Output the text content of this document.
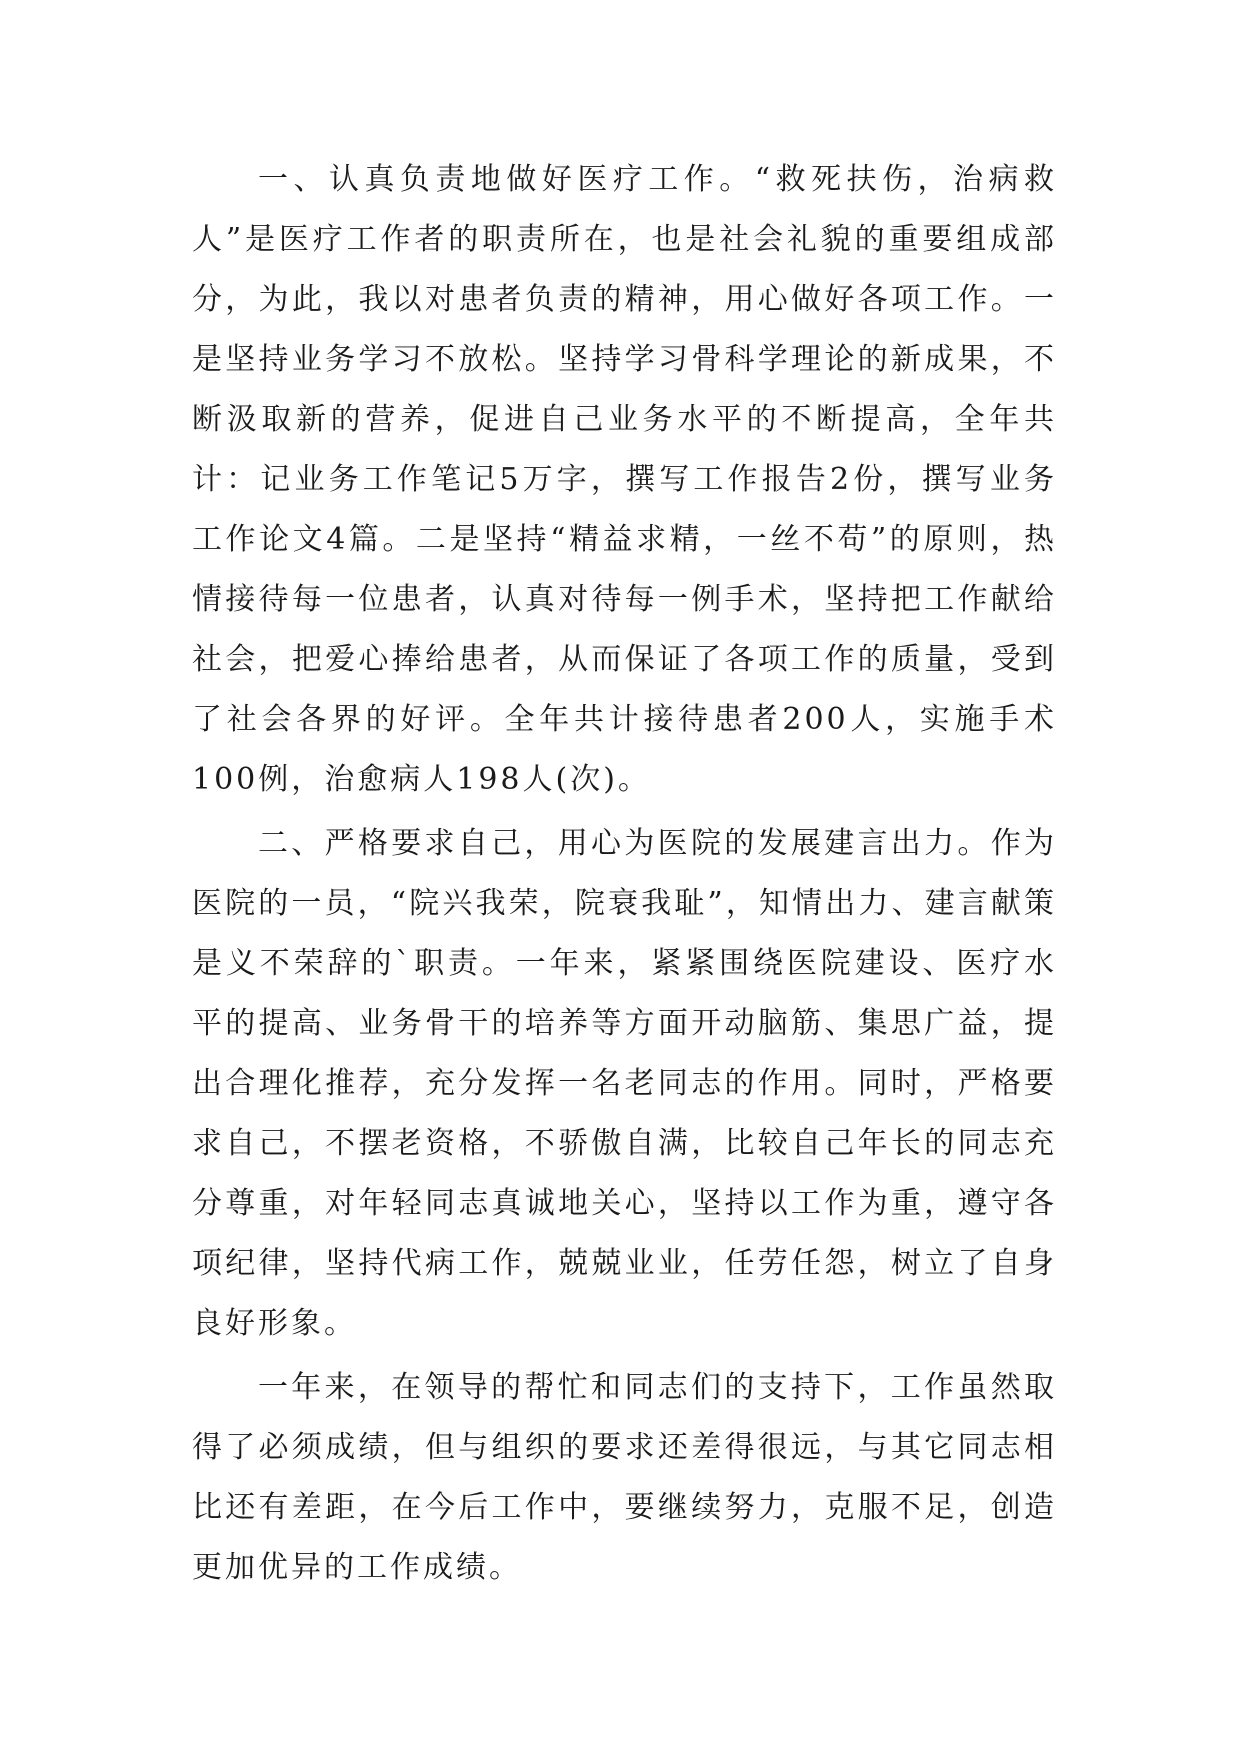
一、认真负责地做好医疗工作。“救死扶伤，治病救人”是医疗工作者的职责所在，也是社会礼貌的重要组成部分，为此，我以对患者负责的精神，用心做好各项工作。一是坚持业务学习不放松。坚持学习骨科学理论的新成果，不断汲取新的营养，促进自己业务水平的不断提高，全年共计：记业务工作笔记5万字，撰写工作报告2份，撰写业务工作论文4篇。二是坚持“精益求精，一丝不苟”的原则，热情接待每一位患者，认真对待每一例手术，坚持把工作献给社会，把爱心捧给患者，从而保证了各项工作的质量，受到了社会各界的好评。全年共计接待患者200人，实施手术100例，治愈病人198人(次)。

二、严格要求自己，用心为医院的发展建言出力。作为医院的一员，“院兴我荣，院衰我耻”，知情出力、建言献策是义不荣辞的`职责。一年来，紧紧围绕医院建设、医疗水平的提高、业务骨干的培养等方面开动脑筋、集思广益，提出合理化推荐，充分发挥一名老同志的作用。同时，严格要求自己，不摆老资格，不骄傲自满，比较自己年长的同志充分尊重，对年轻同志真诚地关心，坚持以工作为重，遵守各项纪律，坚持代病工作，兢兢业业，任劳任怨，树立了自身良好形象。

一年来，在领导的帮忙和同志们的支持下，工作虽然取得了必须成绩，但与组织的要求还差得很远，与其它同志相比还有差距，在今后工作中，要继续努力，克服不足，创造更加优异的工作成绩。
